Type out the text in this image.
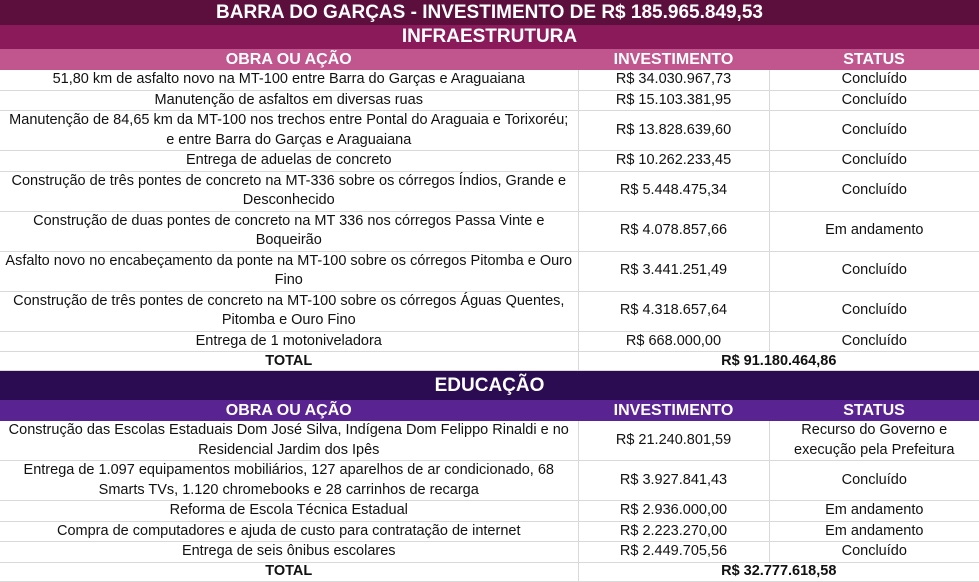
BARRA DO GARÇAS - INVESTIMENTO DE R$ 185.965.849,53		
INFRAESTRUTURA		
OBRA OU AÇÃO	INVESTIMENTO	STATUS
51,80 km de asfalto novo na MT-100 entre Barra do Garças e Araguaiana	R$ 34.030.967,73	Concluído
Manutenção de asfaltos em diversas ruas	R$ 15.103.381,95	Concluído
Manutenção de 84,65 km da MT-100 nos trechos entre Pontal do Araguaia e Torixoréu; e entre Barra do Garças e Araguaiana	R$ 13.828.639,60	Concluído
Entrega de aduelas de concreto	R$ 10.262.233,45	Concluído
Construção de três pontes de concreto na MT-336 sobre os córregos Índios, Grande e Desconhecido	R$ 5.448.475,34	Concluído
Construção de duas pontes de concreto na MT 336 nos córregos Passa Vinte e Boqueirão	R$ 4.078.857,66	Em andamento
Asfalto novo no encabeçamento da ponte na MT-100 sobre os córregos Pitomba e Ouro Fino	R$ 3.441.251,49	Concluído
Construção de três pontes de concreto na MT-100 sobre os córregos Águas Quentes, Pitomba e Ouro Fino	R$ 4.318.657,64	Concluído
Entrega de 1 motoniveladora	R$ 668.000,00	Concluído
TOTAL	R$ 91.180.464,86	
EDUCAÇÃO		
OBRA OU AÇÃO	INVESTIMENTO	STATUS
Construção das Escolas Estaduais Dom José Silva, Indígena Dom Felippo Rinaldi e no Residencial Jardim dos Ipês	R$ 21.240.801,59	Recurso do Governo e execução pela Prefeitura
Entrega de 1.097 equipamentos mobiliários, 127 aparelhos de ar condicionado, 68 Smarts TVs, 1.120 chromebooks e 28 carrinhos de recarga	R$ 3.927.841,43	Concluído
Reforma de Escola Técnica Estadual	R$ 2.936.000,00	Em andamento
Compra de computadores e ajuda de custo para contratação de internet	R$ 2.223.270,00	Em andamento
Entrega de seis ônibus escolares	R$ 2.449.705,56	Concluído
TOTAL	R$ 32.777.618,58	
